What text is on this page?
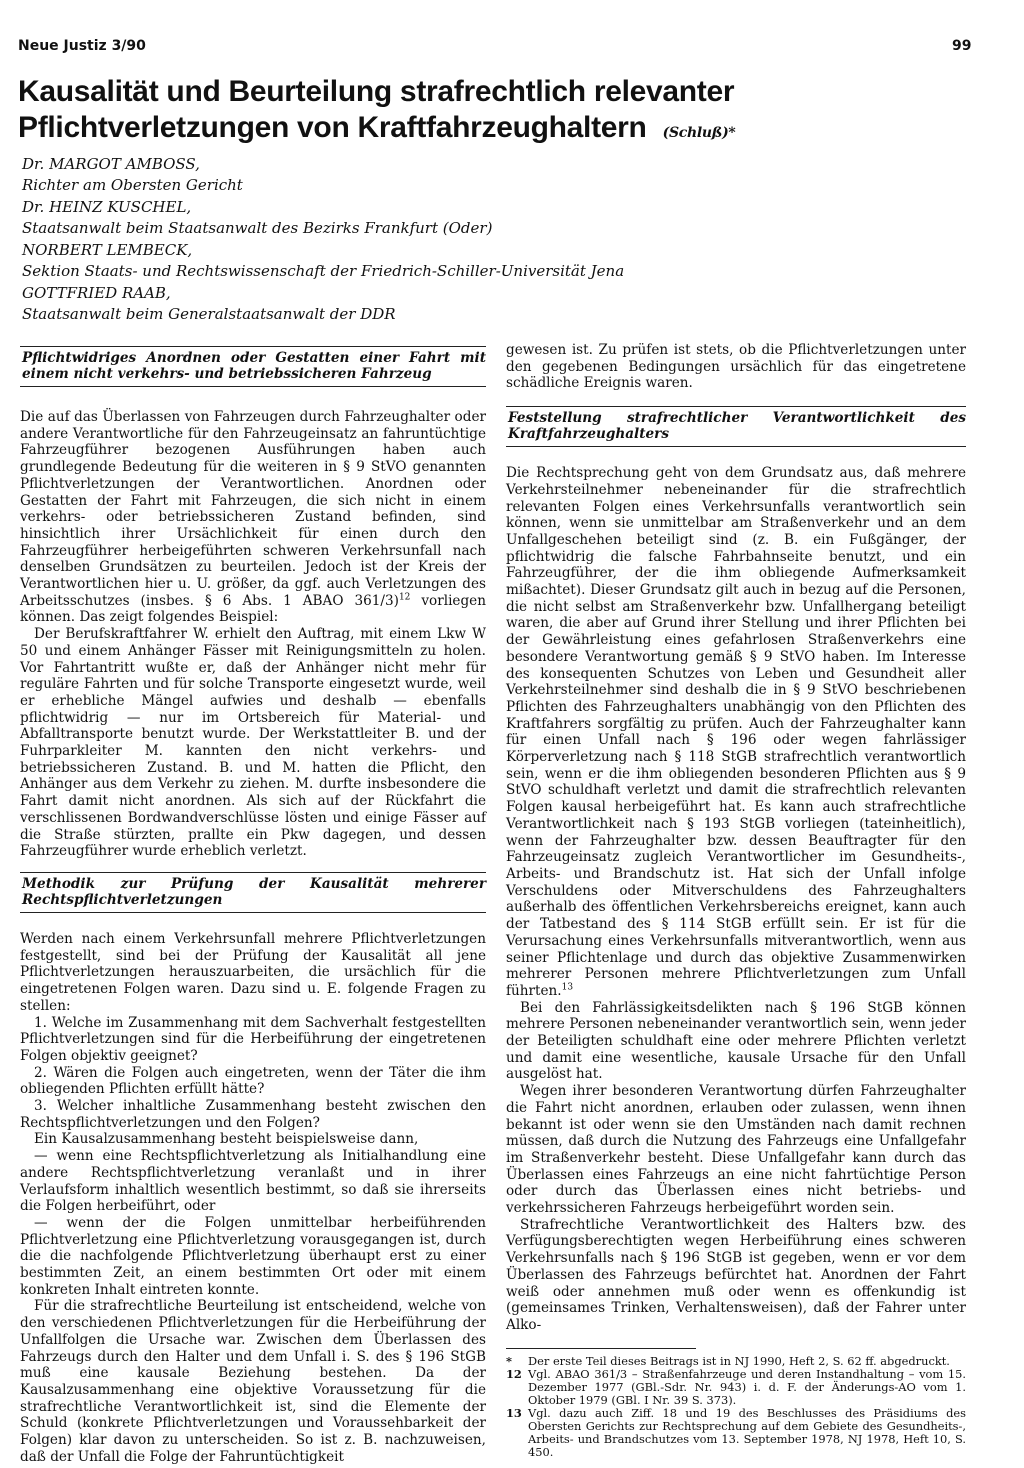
Neue Justiz 3/90	99
Kausalität und Beurteilung strafrechtlich relevanter
Pflichtverletzungen von Kraftfahrzeughaltern (Schluß)*
Dr. MARGOT AMBOSS,
Richter am Obersten Gericht
Dr. HEINZ KUSCHEL,
Staatsanwalt beim Staatsanwalt des Bezirks Frankfurt (Oder)
NORBERT LEMBECK,
Sektion Staats- und Rechtswissenschaft der Friedrich-Schiller-Universität Jena
GOTTFRIED RAAB,
Staatsanwalt beim Generalstaatsanwalt der DDR
Pflichtwidriges Anordnen oder Gestatten einer Fahrt mit einem nicht verkehrs- und betriebssicheren Fahrzeug

Die auf das Überlassen von Fahrzeugen durch Fahrzeughalter oder andere Verantwortliche für den Fahrzeugeinsatz an fahruntüchtige Fahrzeugführer bezogenen Ausführungen haben auch grundlegende Bedeutung für die weiteren in § 9 StVO genannten Pflichtverletzungen der Verantwortlichen. Anordnen oder Gestatten der Fahrt mit Fahrzeugen, die sich nicht in einem verkehrs- oder betriebssicheren Zustand befinden, sind hinsichtlich ihrer Ursächlichkeit für einen durch den Fahrzeugführer herbeigeführten schweren Verkehrsunfall nach denselben Grundsätzen zu beurteilen. Jedoch ist der Kreis der Verantwortlichen hier u. U. größer, da ggf. auch Verletzungen des Arbeitsschutzes (insbes. § 6 Abs. 1 ABAO 361/3)$^{12}$ vorliegen können. Das zeigt folgendes Beispiel:

Der Berufskraftfahrer W. erhielt den Auftrag, mit einem Lkw W 50 und einem Anhänger Fässer mit Reinigungsmitteln zu holen. Vor Fahrtantritt wußte er, daß der Anhänger nicht mehr für reguläre Fahrten und für solche Transporte eingesetzt wurde, weil er erhebliche Mängel aufwies und deshalb — ebenfalls pflichtwidrig — nur im Ortsbereich für Material- und Abfalltransporte benutzt wurde. Der Werkstattleiter B. und der Fuhrparkleiter M. kannten den nicht verkehrs- und betriebssicheren Zustand. B. und M. hatten die Pflicht, den Anhänger aus dem Verkehr zu ziehen. M. durfte insbesondere die Fahrt damit nicht anordnen. Als sich auf der Rückfahrt die verschlissenen Bordwandverschlüsse lösten und einige Fässer auf die Straße stürzten, prallte ein Pkw dagegen, und dessen Fahrzeugführer wurde erheblich verletzt.

Methodik zur Prüfung der Kausalität mehrerer Rechtspflichtverletzungen

Werden nach einem Verkehrsunfall mehrere Pflichtverletzungen festgestellt, sind bei der Prüfung der Kausalität all jene Pflichtverletzungen herauszuarbeiten, die ursächlich für die eingetretenen Folgen waren. Dazu sind u. E. folgende Fragen zu stellen:

1. Welche im Zusammenhang mit dem Sachverhalt festgestellten Pflichtverletzungen sind für die Herbeiführung der eingetretenen Folgen objektiv geeignet?

2. Wären die Folgen auch eingetreten, wenn der Täter die ihm obliegenden Pflichten erfüllt hätte?

3. Welcher inhaltliche Zusammenhang besteht zwischen den Rechtspflichtverletzungen und den Folgen?

Ein Kausalzusammenhang besteht beispielsweise dann,

— wenn eine Rechtspflichtverletzung als Initialhandlung eine andere Rechtspflichtverletzung veranlaßt und in ihrer Verlaufsform inhaltlich wesentlich bestimmt, so daß sie ihrerseits die Folgen herbeiführt, oder

— wenn der die Folgen unmittelbar herbeiführenden Pflichtverletzung eine Pflichtverletzung vorausgegangen ist, durch die die nachfolgende Pflichtverletzung überhaupt erst zu einer bestimmten Zeit, an einem bestimmten Ort oder mit einem konkreten Inhalt eintreten konnte.

Für die strafrechtliche Beurteilung ist entscheidend, welche von den verschiedenen Pflichtverletzungen für die Herbeiführung der Unfallfolgen die Ursache war. Zwischen dem Überlassen des Fahrzeugs durch den Halter und dem Unfall i. S. des § 196 StGB muß eine kausale Beziehung bestehen. Da der Kausalzusammenhang eine objektive Voraussetzung für die strafrechtliche Verantwortlichkeit ist, sind die Elemente der Schuld (konkrete Pflichtverletzungen und Voraussehbarkeit der Folgen) klar davon zu unterscheiden. So ist z. B. nachzuweisen, daß der Unfall die Folge der Fahruntüchtigkeit

gewesen ist. Zu prüfen ist stets, ob die Pflichtverletzungen unter den gegebenen Bedingungen ursächlich für das eingetretene schädliche Ereignis waren.

Feststellung strafrechtlicher Verantwortlichkeit des Kraftfahrzeughalters

Die Rechtsprechung geht von dem Grundsatz aus, daß mehrere Verkehrsteilnehmer nebeneinander für die strafrechtlich relevanten Folgen eines Verkehrsunfalls verantwortlich sein können, wenn sie unmittelbar am Straßenverkehr und an dem Unfallgeschehen beteiligt sind (z. B. ein Fußgänger, der pflichtwidrig die falsche Fahrbahnseite benutzt, und ein Fahrzeugführer, der die ihm obliegende Aufmerksamkeit mißachtet). Dieser Grundsatz gilt auch in bezug auf die Personen, die nicht selbst am Straßenverkehr bzw. Unfallhergang beteiligt waren, die aber auf Grund ihrer Stellung und ihrer Pflichten bei der Gewährleistung eines gefahrlosen Straßenverkehrs eine besondere Verantwortung gemäß § 9 StVO haben. Im Interesse des konsequenten Schutzes von Leben und Gesundheit aller Verkehrsteilnehmer sind deshalb die in § 9 StVO beschriebenen Pflichten des Fahrzeughalters unabhängig von den Pflichten des Kraftfahrers sorgfältig zu prüfen. Auch der Fahrzeughalter kann für einen Unfall nach § 196 oder wegen fahrlässiger Körperverletzung nach § 118 StGB strafrechtlich verantwortlich sein, wenn er die ihm obliegenden besonderen Pflichten aus § 9 StVO schuldhaft verletzt und damit die strafrechtlich relevanten Folgen kausal herbeigeführt hat. Es kann auch strafrechtliche Verantwortlichkeit nach § 193 StGB vorliegen (tateinheitlich), wenn der Fahrzeughalter bzw. dessen Beauftragter für den Fahrzeugeinsatz zugleich Verantwortlicher im Gesundheits-, Arbeits- und Brandschutz ist. Hat sich der Unfall infolge Verschuldens oder Mitverschuldens des Fahrzeughalters außerhalb des öffentlichen Verkehrsbereichs ereignet, kann auch der Tatbestand des § 114 StGB erfüllt sein. Er ist für die Verursachung eines Verkehrsunfalls mitverantwortlich, wenn aus seiner Pflichtenlage und durch das objektive Zusammenwirken mehrerer Personen mehrere Pflichtverletzungen zum Unfall führten.$^{13}$

Bei den Fahrlässigkeitsdelikten nach § 196 StGB können mehrere Personen nebeneinander verantwortlich sein, wenn jeder der Beteiligten schuldhaft eine oder mehrere Pflichten verletzt und damit eine wesentliche, kausale Ursache für den Unfall ausgelöst hat.

Wegen ihrer besonderen Verantwortung dürfen Fahrzeughalter die Fahrt nicht anordnen, erlauben oder zulassen, wenn ihnen bekannt ist oder wenn sie den Umständen nach damit rechnen müssen, daß durch die Nutzung des Fahrzeugs eine Unfallgefahr im Straßenverkehr besteht. Diese Unfallgefahr kann durch das Überlassen eines Fahrzeugs an eine nicht fahrtüchtige Person oder durch das Überlassen eines nicht betriebs- und verkehrssicheren Fahrzeugs herbeigeführt worden sein.

Strafrechtliche Verantwortlichkeit des Halters bzw. des Verfügungsberechtigten wegen Herbeiführung eines schweren Verkehrsunfalls nach § 196 StGB ist gegeben, wenn er vor dem Überlassen des Fahrzeugs befürchtet hat. Anordnen der Fahrt weiß oder annehmen muß oder wenn es offenkundig ist (gemeinsames Trinken, Verhaltensweisen), daß der Fahrer unter Alko-

*	Der erste Teil dieses Beitrags ist in NJ 1990, Heft 2, S. 62 ff. abgedruckt.
12 Vgl. ABAO 361/3 – Straßenfahrzeuge und deren Instandhaltung – vom 15. Dezember 1977 (GBl.-Sdr. Nr. 943) i. d. F. der Änderungs-AO vom 1. Oktober 1979 (GBl. I Nr. 39 S. 373).
13 Vgl. dazu auch Ziff. 18 und 19 des Beschlusses des Präsidiums des Obersten Gerichts zur Rechtsprechung auf dem Gebiete des Gesundheits-, Arbeits- und Brandschutzes vom 13. September 1978, NJ 1978, Heft 10, S. 450.
